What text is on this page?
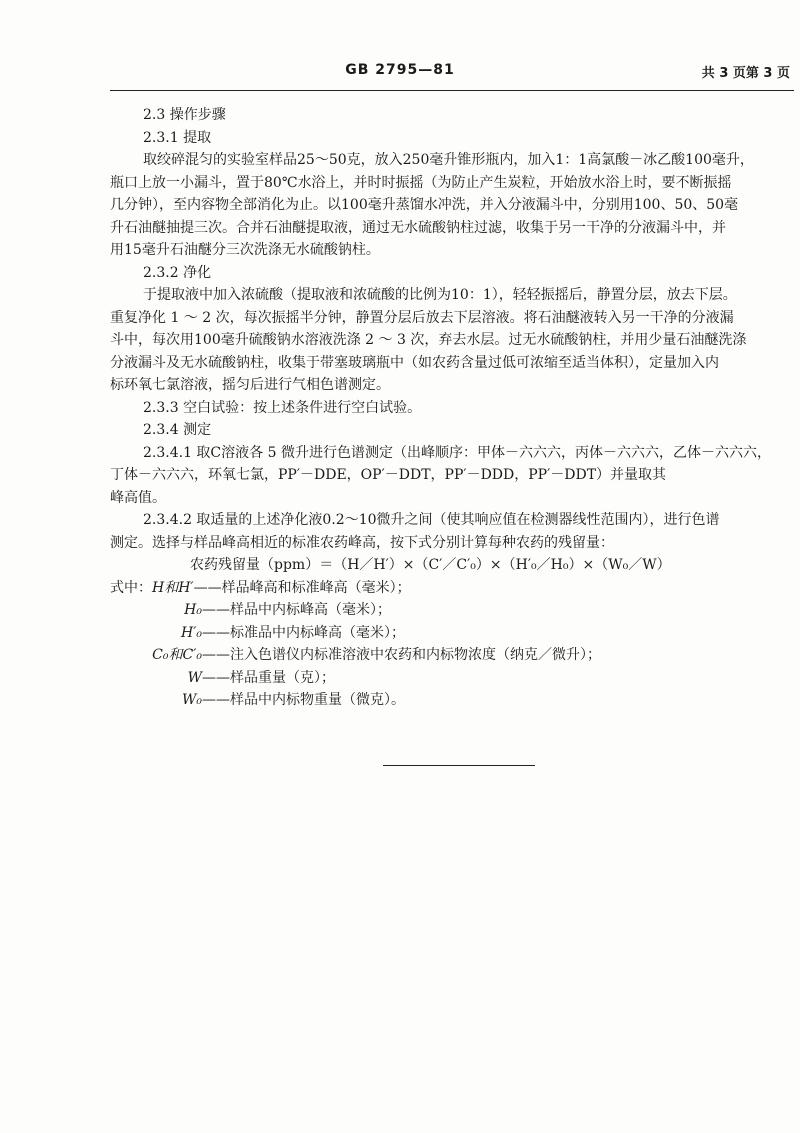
GB 2795—81	共 3 页第 3 页

2.3 操作步骤

2.3.1 提取

取绞碎混匀的实验室样品25～50克，放入250毫升锥形瓶内，加入1：1高氯酸－冰乙酸100毫升，

瓶口上放一小漏斗，置于80℃水浴上，并时时振摇（为防止产生炭粒，开始放水浴上时，要不断振摇

几分钟），至内容物全部消化为止。以100毫升蒸馏水冲洗，并入分液漏斗中，分别用100、50、50毫

升石油醚抽提三次。合并石油醚提取液，通过无水硫酸钠柱过滤，收集于另一干净的分液漏斗中，并

用15毫升石油醚分三次洗涤无水硫酸钠柱。

2.3.2 净化

于提取液中加入浓硫酸（提取液和浓硫酸的比例为10：1），轻轻振摇后，静置分层，放去下层。

重复净化 1 ～ 2 次，每次振摇半分钟，静置分层后放去下层溶液。将石油醚液转入另一干净的分液漏

斗中，每次用100毫升硫酸钠水溶液洗涤 2 ～ 3 次，弃去水层。过无水硫酸钠柱，并用少量石油醚洗涤

分液漏斗及无水硫酸钠柱，收集于带塞玻璃瓶中（如农药含量过低可浓缩至适当体积），定量加入内

标环氧七氯溶液，摇匀后进行气相色谱测定。

2.3.3 空白试验：按上述条件进行空白试验。

2.3.4 测定

2.3.4.1 取C溶液各 5 微升进行色谱测定（出峰顺序：甲体－六六六，丙体－六六六，乙体－六六六，

丁体－六六六，环氧七氯，PP′－DDE，OP′－DDT，PP′－DDD，PP′－DDT）并量取其

峰高值。

2.3.4.2 取适量的上述净化液0.2～10微升之间（使其响应值在检测器线性范围内），进行色谱

测定。选择与样品峰高相近的标准农药峰高，按下式分别计算每种农药的残留量：

农药残留量（ppm）＝（H／H′）×（C′／C′₀）×（H′₀／H₀）×（W₀／W）

式中： H和H′ ——样品峰高和标准峰高（毫米）；
H₀ ——样品中内标峰高（毫米）；
H′₀ ——标准品中内标峰高（毫米）；
C₀和C′₀ ——注入色谱仪内标准溶液中农药和内标物浓度（纳克／微升）；
W ——样品重量（克）；
W₀ ——样品中内标物重量（微克）。
